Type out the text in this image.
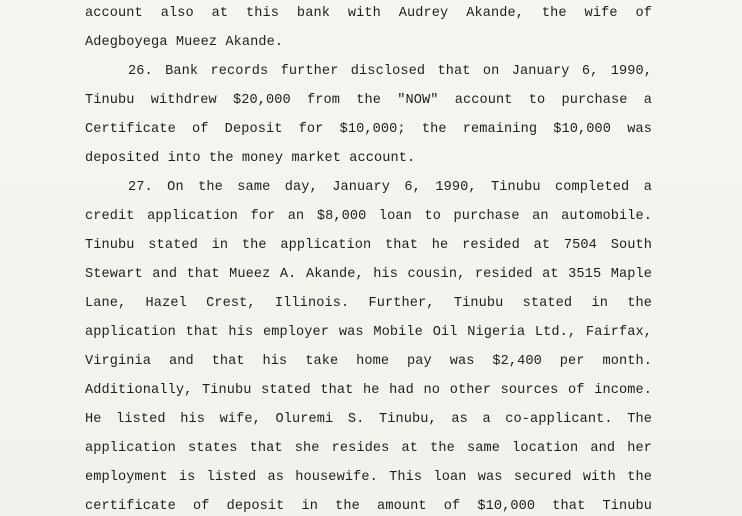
account also at this bank with Audrey Akande, the wife of
Adegboyega Mueez Akande.
26. Bank records further disclosed that on January 6, 1990,
Tinubu withdrew $20,000 from the "NOW" account to purchase a
Certificate of Deposit for $10,000; the remaining $10,000 was
deposited into the money market account.
27. On the same day, January 6, 1990, Tinubu completed a
credit application for an $8,000 loan to purchase an automobile.
Tinubu stated in the application that he resided at 7504 South
Stewart and that Mueez A. Akande, his cousin, resided at 3515 Maple
Lane, Hazel Crest, Illinois. Further, Tinubu stated in the
application that his employer was Mobile Oil Nigeria Ltd., Fairfax,
Virginia and that his take home pay was $2,400 per month.
Additionally, Tinubu stated that he had no other sources of income.
He listed his wife, Oluremi S. Tinubu, as a co-applicant. The
application states that she resides at the same location and her
employment is listed as housewife. This loan was secured with the
certificate of deposit in the amount of $10,000 that Tinubu
